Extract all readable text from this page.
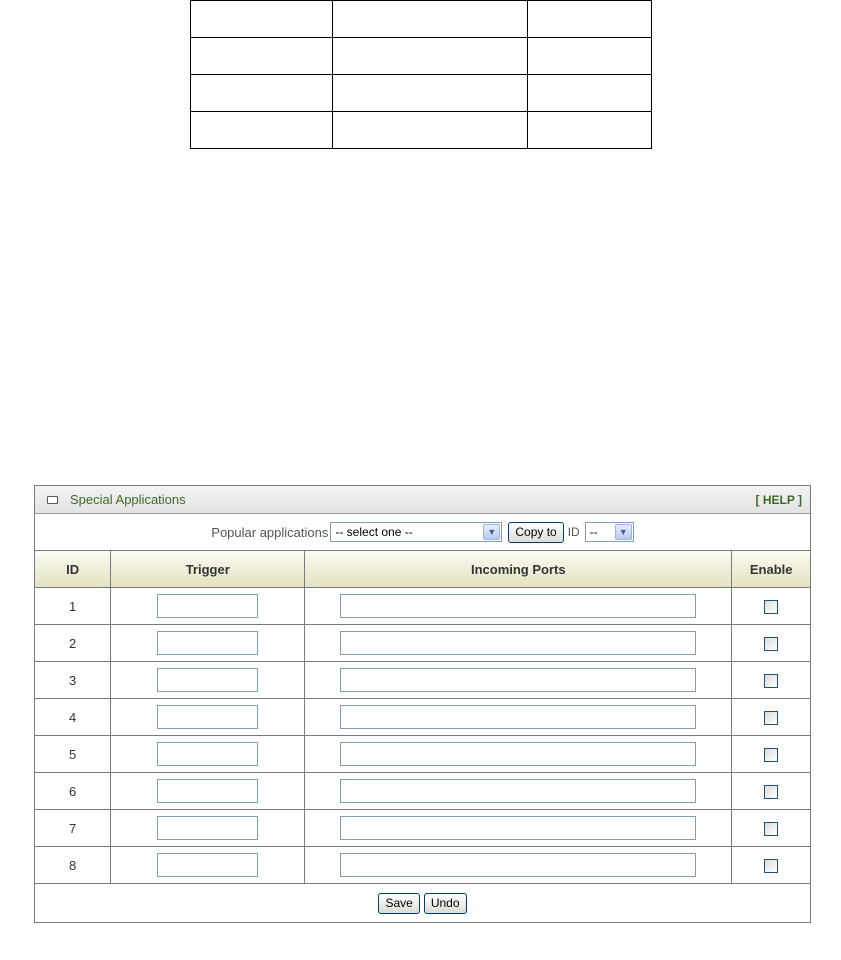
Special Applications	[ HELP ]
Popular applications -- select one --	▼	Copy to ID --	▼
ID	Trigger	Incoming Ports	Enable
1			
2			
3			
4			
5			
6			
7			
8			
Save	Undo
